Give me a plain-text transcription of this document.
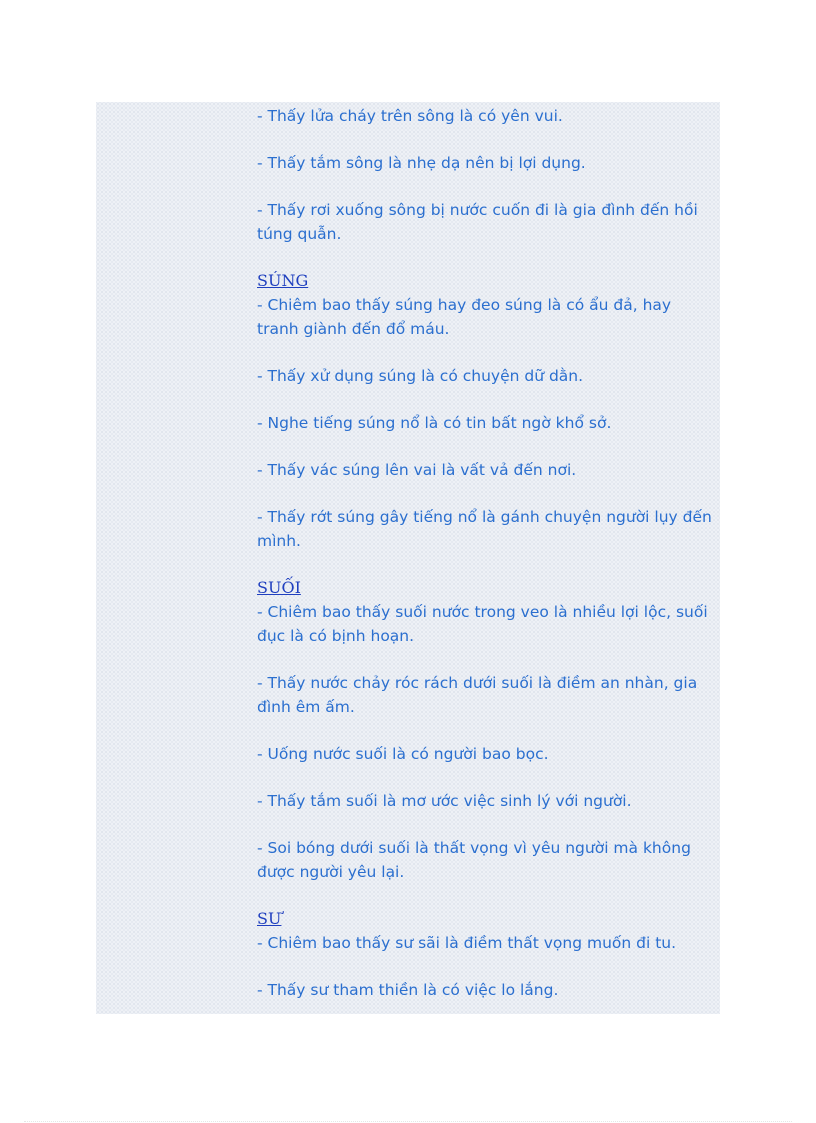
- Thấy lửa cháy trên sông là có yên vui.

- Thấy tắm sông là nhẹ dạ nên bị lợi dụng.

- Thấy rơi xuống sông bị nước cuốn đi là gia đình đến hồi túng quẫn.

SÚNG

- Chiêm bao thấy súng hay đeo súng là có ẩu đả, hay tranh giành đến đổ máu.

- Thấy xử dụng súng là có chuyện dữ dằn.

- Nghe tiếng súng nổ là có tin bất ngờ khổ sở.

- Thấy vác súng lên vai là vất vả đến nơi.

- Thấy rớt súng gây tiếng nổ là gánh chuyện người lụy đến mình.

SUỐI

- Chiêm bao thấy suối nước trong veo là nhiều lợi lộc, suối đục là có bịnh hoạn.

- Thấy nước chảy róc rách dưới suối là điềm an nhàn, gia đình êm ấm.

- Uống nước suối là có người bao bọc.

- Thấy tắm suối là mơ ước việc sinh lý với người.

- Soi bóng dưới suối là thất vọng vì yêu người mà không được người yêu lại.

SƯ

- Chiêm bao thấy sư sãi là điềm thất vọng muốn đi tu.

- Thấy sư tham thiền là có việc lo lắng.
